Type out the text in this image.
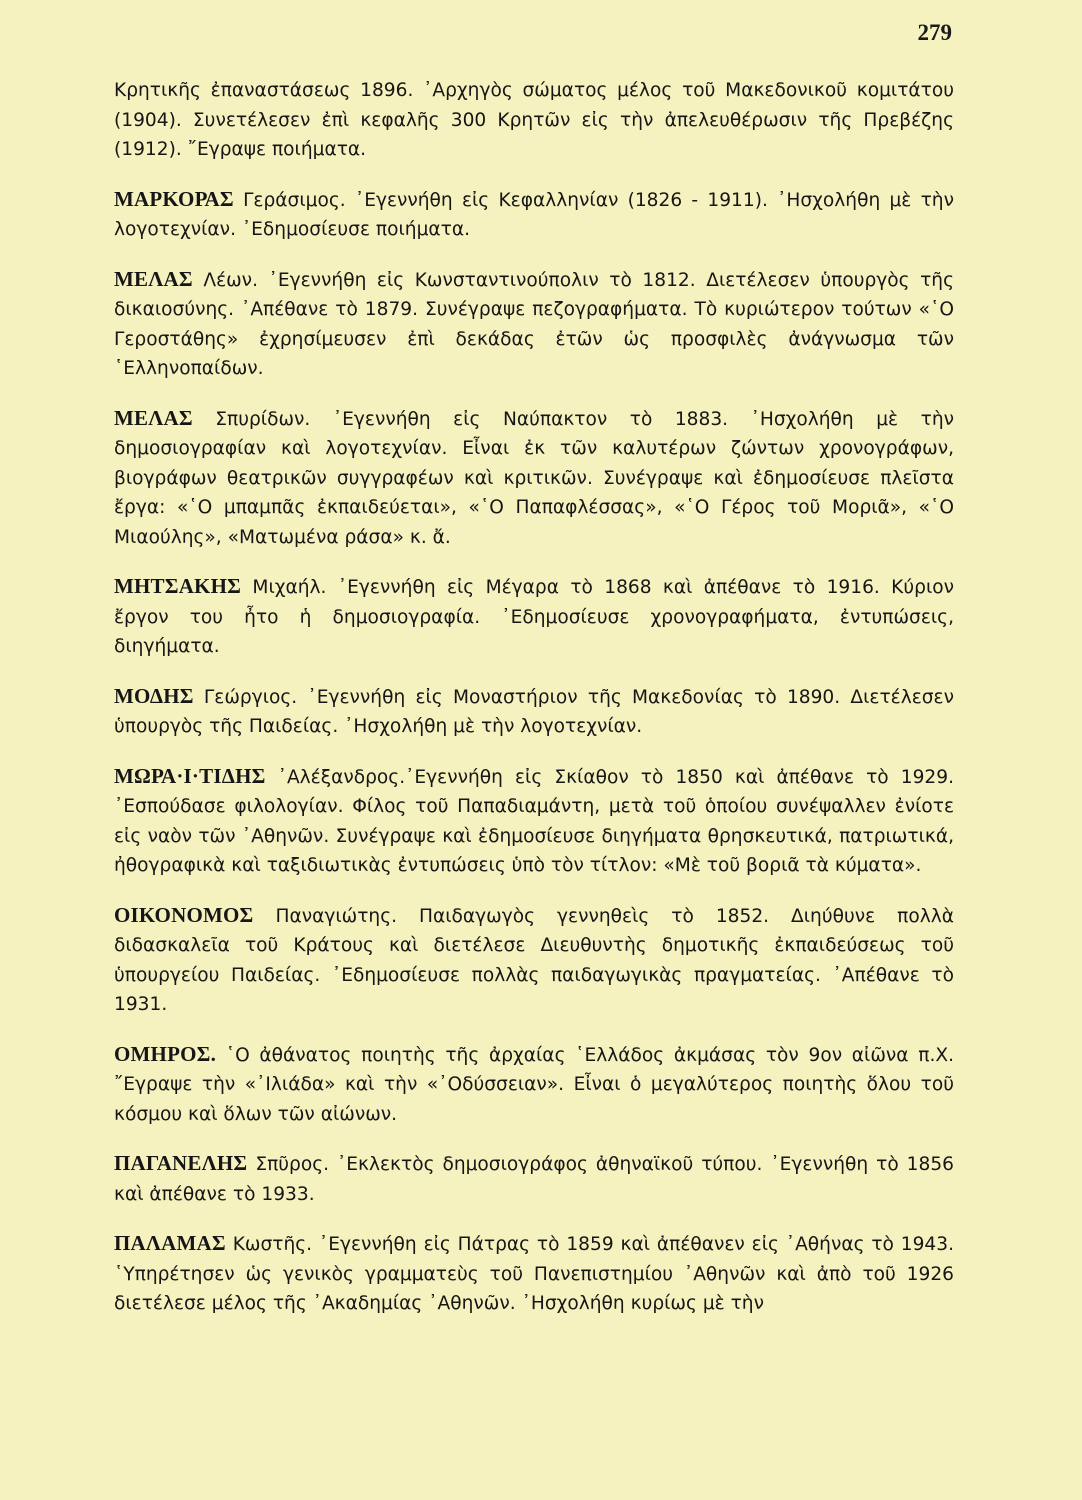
279

Κρητικῆς ἐπαναστάσεως 1896. ᾿Αρχηγὸς σώματος μέλος τοῦ Μακεδονικοῦ κομιτάτου (1904). Συνετέλεσεν ἐπὶ κεφαλῆς 300 Κρητῶν εἰς τὴν ἀπελευθέρωσιν τῆς Πρεβέζης (1912). ῎Εγραψε ποιήματα.

ΜΑΡΚΟΡΑΣ Γεράσιμος. ᾿Εγεννήθη εἰς Κεφαλληνίαν (1826 - 1911). ᾿Ησχολήθη μὲ τὴν λογοτεχνίαν. ᾿Εδημοσίευσε ποιήματα.

ΜΕΛΑΣ Λέων. ᾿Εγεννήθη εἰς Κωνσταντινούπολιν τὸ 1812. Διετέλεσεν ὑπουργὸς τῆς δικαιοσύνης. ᾿Απέθανε τὸ 1879. Συνέγραψε πεζογραφήματα. Τὸ κυριώτερον τούτων «῾Ο Γεροστάθης» ἐχρησίμευσεν ἐπὶ δεκάδας ἐτῶν ὡς προσφιλὲς ἀνάγνωσμα τῶν ῾Ελληνοπαίδων.

ΜΕΛΑΣ Σπυρίδων. ᾿Εγεννήθη εἰς Ναύπακτον τὸ 1883. ᾿Ησχολήθη μὲ τὴν δημοσιογραφίαν καὶ λογοτεχνίαν. Εἶναι ἐκ τῶν καλυτέρων ζώντων χρονογράφων, βιογράφων θεατρικῶν συγγραφέων καὶ κριτικῶν. Συνέγραψε καὶ ἐδημοσίευσε πλεῖστα ἔργα: «῾Ο μπαμπᾶς ἐκπαιδεύεται», «῾Ο Παπαφλέσσας», «῾Ο Γέρος τοῦ Μοριᾶ», «῾Ο Μιαούλης», «Ματωμένα ράσα» κ. ἄ.

ΜΗΤΣΑΚΗΣ Μιχαήλ. ᾿Εγεννήθη εἰς Μέγαρα τὸ 1868 καὶ ἀπέθανε τὸ 1916. Κύριον ἔργον του ἦτο ἡ δημοσιογραφία. ᾿Εδημοσίευσε χρονογραφήματα, ἐντυπώσεις, διηγήματα.

ΜΟΔΗΣ Γεώργιος. ᾿Εγεννήθη εἰς Μοναστήριον τῆς Μακεδονίας τὸ 1890. Διετέλεσεν ὑπουργὸς τῆς Παιδείας. ᾿Ησχολήθη μὲ τὴν λογοτεχνίαν.

ΜΩΡΑ·Ι·ΤΙΔΗΣ ᾿Αλέξανδρος.᾿Εγεννήθη εἰς Σκίαθον τὸ 1850 καὶ ἀπέθανε τὸ 1929. ᾿Εσπούδασε φιλολογίαν. Φίλος τοῦ Παπαδιαμάντη, μετὰ τοῦ ὁποίου συνέψαλλεν ἐνίοτε εἰς ναὸν τῶν ᾿Αθηνῶν. Συνέγραψε καὶ ἐδημοσίευσε διηγήματα θρησκευτικά, πατριωτικά, ἠθογραφικὰ καὶ ταξιδιωτικὰς ἐντυπώσεις ὑπὸ τὸν τίτλον: «Μὲ τοῦ βοριᾶ τὰ κύματα».

ΟΙΚΟΝΟΜΟΣ Παναγιώτης. Παιδαγωγὸς γεννηθεὶς τὸ 1852. Διηύθυνε πολλὰ διδασκαλεῖα τοῦ Κράτους καὶ διετέλεσε Διευθυντὴς δημοτικῆς ἐκπαιδεύσεως τοῦ ὑπουργείου Παιδείας. ᾿Εδημοσίευσε πολλὰς παιδαγωγικὰς πραγματείας. ᾿Απέθανε τὸ 1931.

ΟΜΗΡΟΣ. ῾Ο ἀθάνατος ποιητὴς τῆς ἀρχαίας ῾Ελλάδος ἀκμάσας τὸν 9ον αἰῶνα π.Χ. ῎Εγραψε τὴν «᾿Ιλιάδα» καὶ τὴν «᾿Οδύσσειαν». Εἶναι ὁ μεγαλύτερος ποιητὴς ὅλου τοῦ κόσμου καὶ ὅλων τῶν αἰώνων.

ΠΑΓΑΝΕΛΗΣ Σπῦρος. ᾿Εκλεκτὸς δημοσιογράφος ἀθηναϊκοῦ τύπου. ᾿Εγεννήθη τὸ 1856 καὶ ἀπέθανε τὸ 1933.

ΠΑΛΑΜΑΣ Κωστῆς. ᾿Εγεννήθη εἰς Πάτρας τὸ 1859 καὶ ἀπέθανεν εἰς ᾿Αθήνας τὸ 1943. ῾Υπηρέτησεν ὡς γενικὸς γραμματεὺς τοῦ Πανεπιστημίου ᾿Αθηνῶν καὶ ἀπὸ τοῦ 1926 διετέλεσε μέλος τῆς ᾿Ακαδημίας ᾿Αθηνῶν. ᾿Ησχολήθη κυρίως μὲ τὴν
